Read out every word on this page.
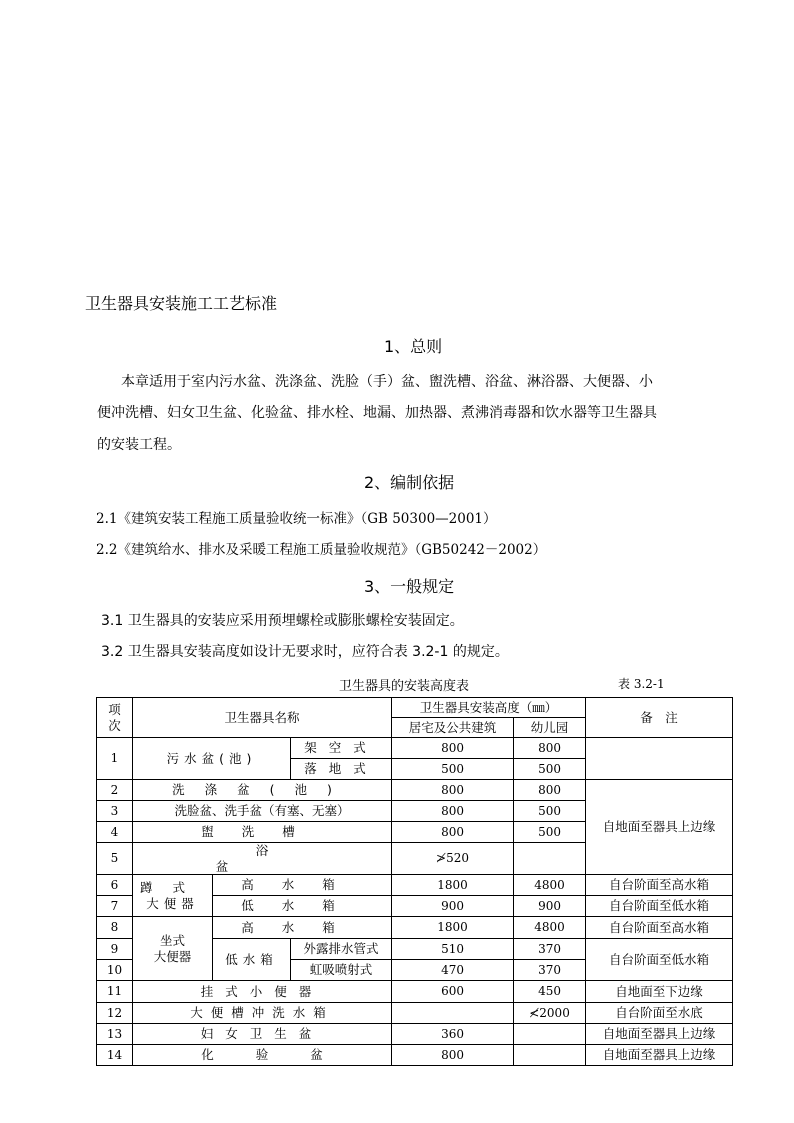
卫生器具安装施工工艺标准
1、总则
本章适用于室内污水盆、洗涤盆、洗脸（手）盆、盥洗槽、浴盆、淋浴器、大便器、小
便冲洗槽、妇女卫生盆、化验盆、排水栓、地漏、加热器、煮沸消毒器和饮水器等卫生器具
的安装工程。
2、编制依据
2.1《建筑安装工程施工质量验收统一标准》（GB 50300—2001）
2.2《建筑给水、排水及采暖工程施工质量验收规范》（GB50242－2002）
3、一般规定
3.1 卫生器具的安装应采用预埋螺栓或膨胀螺栓安装固定。
3.2 卫生器具安装高度如设计无要求时，应符合表 3.2-1 的规定。
卫生器具的安装高度表	表 3.2-1
项
次	卫生器具名称			卫生器具安装高度（㎜）		备　注
				居宅及公共建筑	幼儿园	
1	污水盆(池)		架空式	800	800	
			落地式	500	500	
2	洗涤盆(池)			800	800	自地面至器具上边缘
3	洗脸盆、洗手盆（有塞、无塞）			800	500	
4	盥洗槽			800	500	
5	浴盆			≯520		
6	蹲式
大便器	高水箱		1800	4800	自台阶面至高水箱
7		低水箱		900	900	自台阶面至低水箱
8	坐式
大便器	高水箱		1800	4800	自台阶面至高水箱
9		低水箱	外露排水管式	510	370	自台阶面至低水箱
10			虹吸喷射式	470	370	
11	挂式小便器			600	450	自地面至下边缘
12	大便槽冲洗水箱				≮2000	自台阶面至水底
13	妇女卫生盆			360		自地面至器具上边缘
14	化验盆			800		自地面至器具上边缘
